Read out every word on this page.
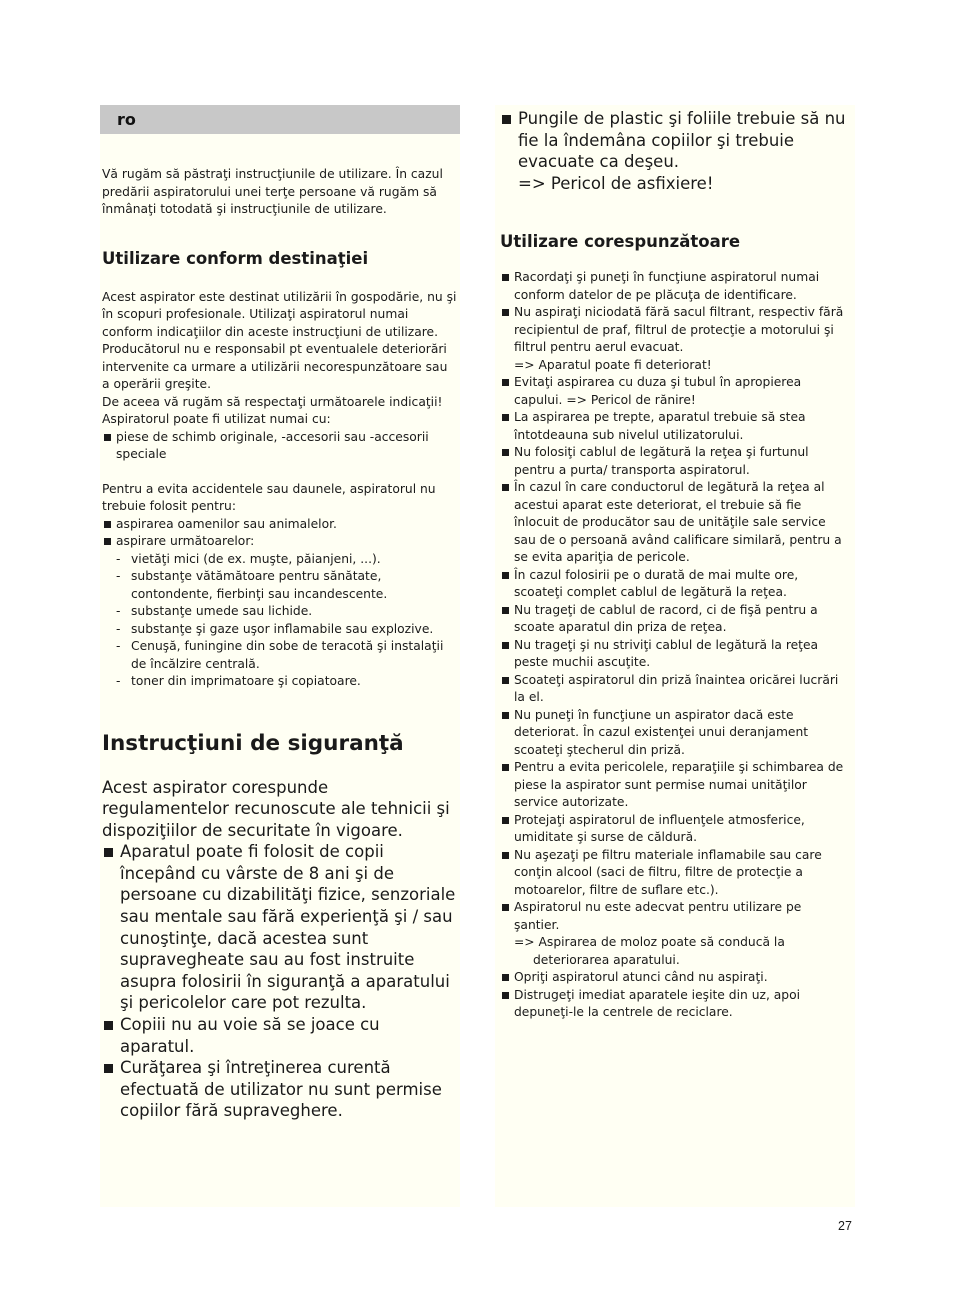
ro

Vă rugăm să păstraţi instrucţiunile de utilizare. În cazul predării aspiratorului unei terţe persoane vă rugăm să înmânaţi totodată şi instrucţiunile de utilizare.

Utilizare conform destinaţiei
Acest aspirator este destinat utilizării în gospodărie, nu şi în scopuri profesionale. Utilizaţi aspiratorul numai conform indicaţiilor din aceste instrucţiuni de utilizare. Producătorul nu e responsabil pt eventualele deteriorări intervenite ca urmare a utilizării necorespunzătoare sau a operării greşite.
De aceea vă rugăm să respectaţi următoarele indicaţii!
Aspiratorul poate fi utilizat numai cu:
piese de schimb originale, -accesorii sau -accesorii speciale
Pentru a evita accidentele sau daunele, aspiratorul nu trebuie folosit pentru:
aspirarea oamenilor sau animalelor.
aspirare următoarelor:
- vietăţi mici (de ex. muşte, păianjeni, ...).
- substanţe vătămătoare pentru sănătate, contondente, fierbinţi sau incandescente.
- substanţe umede sau lichide.
- substanţe şi gaze uşor inflamabile sau explozive.
- Cenuşă, funingine din sobe de teracotă şi instalaţii de încălzire centrală.
- toner din imprimatoare şi copiatoare.
Instrucţiuni de siguranţă
Acest aspirator corespunde regulamentelor recunoscute ale tehnicii şi dispoziţiilor de securitate în vigoare.
Aparatul poate fi folosit de copii începând cu vârste de 8 ani şi de persoane cu dizabilităţi fizice, senzoriale sau mentale sau fără experienţă şi / sau cunoştinţe, dacă acestea sunt supravegheate sau au fost instruite asupra folosirii în siguranţă a aparatului şi pericolelor care pot rezulta.
Copiii nu au voie să se joace cu aparatul.
Curăţarea şi întreţinerea curentă efectuată de utilizator nu sunt permise copiilor fără supraveghere.
Pungile de plastic şi foliile trebuie să nu fie la îndemâna copiilor şi trebuie evacuate ca deşeu.
=> Pericol de asfixiere!
Utilizare corespunzătoare
Racordaţi şi puneţi în funcţiune aspiratorul numai conform datelor de pe plăcuţa de identificare.
Nu aspiraţi niciodată fără sacul filtrant, respectiv fără recipientul de praf, filtrul de protecţie a motorului şi filtrul pentru aerul evacuat.
=> Aparatul poate fi deteriorat!
Evitaţi aspirarea cu duza şi tubul în apropierea capului. => Pericol de rănire!
La aspirarea pe trepte, aparatul trebuie să stea întotdeauna sub nivelul utilizatorului.
Nu folosiţi cablul de legătură la reţea şi furtunul pentru a purta/ transporta aspiratorul.
În cazul în care conductorul de legătură la reţea al acestui aparat este deteriorat, el trebuie să fie înlocuit de producător sau de unităţile sale service sau de o persoană având calificare similară, pentru a se evita apariţia de pericole.
În cazul folosirii pe o durată de mai multe ore, scoateţi complet cablul de legătură la reţea.
Nu trageţi de cablul de racord, ci de fişă pentru a scoate aparatul din priza de reţea.
Nu trageţi şi nu striviţi cablul de legătură la reţea peste muchii ascuţite.
Scoateţi aspiratorul din priză înaintea oricărei lucrări la el.
Nu puneţi în funcţiune un aspirator dacă este deteriorat. În cazul existenţei unui deranjament scoateţi ştecherul din priză.
Pentru a evita pericolele, reparaţiile şi schimbarea de piese la aspirator sunt permise numai unităţilor service autorizate.
Protejaţi aspiratorul de influenţele atmosferice, umiditate şi surse de căldură.
Nu aşezaţi pe filtru materiale inflamabile sau care conţin alcool (saci de filtru, filtre de protecţie a motoarelor, filtre de suflare etc.).
Aspiratorul nu este adecvat pentru utilizare pe şantier.
=> Aspirarea de moloz poate să conducă la deteriorarea aparatului.
Opriţi aspiratorul atunci când nu aspiraţi.
Distrugeţi imediat aparatele ieşite din uz, apoi depuneţi-le la centrele de reciclare.
27
